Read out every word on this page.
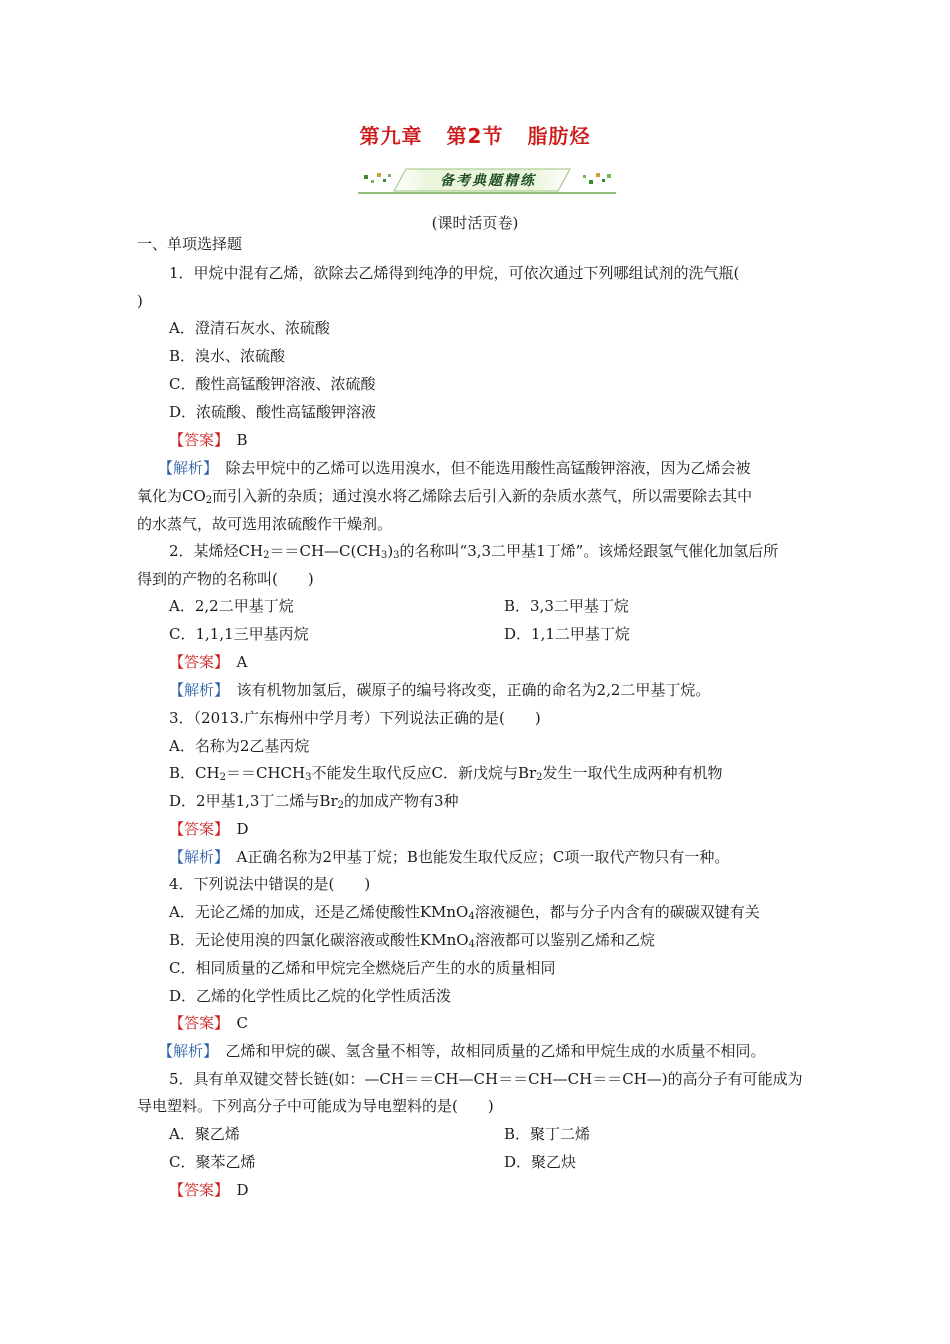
第九章 第2节 脂肪烃
备考典题精练
(课时活页卷)
一、单项选择题
1．甲烷中混有乙烯，欲除去乙烯得到纯净的甲烷，可依次通过下列哪组试剂的洗气瓶(
)
A．澄清石灰水、浓硫酸
B．溴水、浓硫酸
C．酸性高锰酸钾溶液、浓硫酸
D．浓硫酸、酸性高锰酸钾溶液
【答案】　 B
【解析】　 除去甲烷中的乙烯可以选用溴水，但不能选用酸性高锰酸钾溶液，因为乙烯会被
氧化为$CO_2$而引入新的杂质；通过溴水将乙烯除去后引入新的杂质水蒸气，所以需要除去其中
的水蒸气，故可选用浓硫酸作干燥剂。
2．某烯烃$CH_2==CH—C(CH_3)_3$的名称叫“3,3二甲基1丁烯”。该烯烃跟氢气催化加氢后所
得到的产物的名称叫(　　)
A．2,2二甲基丁烷	B．3,3二甲基丁烷
C．1,1,1三甲基丙烷	D．1,1二甲基丁烷
【答案】　 A
【解析】　 该有机物加氢后，碳原子的编号将改变，正确的命名为2,2二甲基丁烷。
3．（2013.广东梅州中学月考）下列说法正确的是(　　)
A．名称为2乙基丙烷
B．$CH_2==CHCH_3$不能发生取代反应C．新戊烷与$Br_2$发生一取代生成两种有机物
D．2甲基1,3丁二烯与$Br_2$的加成产物有3种
【答案】　 D
【解析】　 A正确名称为2甲基丁烷；B也能发生取代反应；C项一取代产物只有一种。
4．下列说法中错误的是(　　)
A．无论乙烯的加成，还是乙烯使酸性KMnO$_4$溶液褪色，都与分子内含有的碳碳双键有关
B．无论使用溴的四氯化碳溶液或酸性KMnO$_4$溶液都可以鉴别乙烯和乙烷
C．相同质量的乙烯和甲烷完全燃烧后产生的水的质量相同
D．乙烯的化学性质比乙烷的化学性质活泼
【答案】　 C
【解析】　 乙烯和甲烷的碳、氢含量不相等，故相同质量的乙烯和甲烷生成的水质量不相同。
5．具有单双键交替长链(如：—CH＝＝CH—CH＝＝CH—CH＝＝CH—)的高分子有可能成为
导电塑料。下列高分子中可能成为导电塑料的是(　　)
A．聚乙烯	B．聚丁二烯
C．聚苯乙烯	D．聚乙炔
【答案】　 D
